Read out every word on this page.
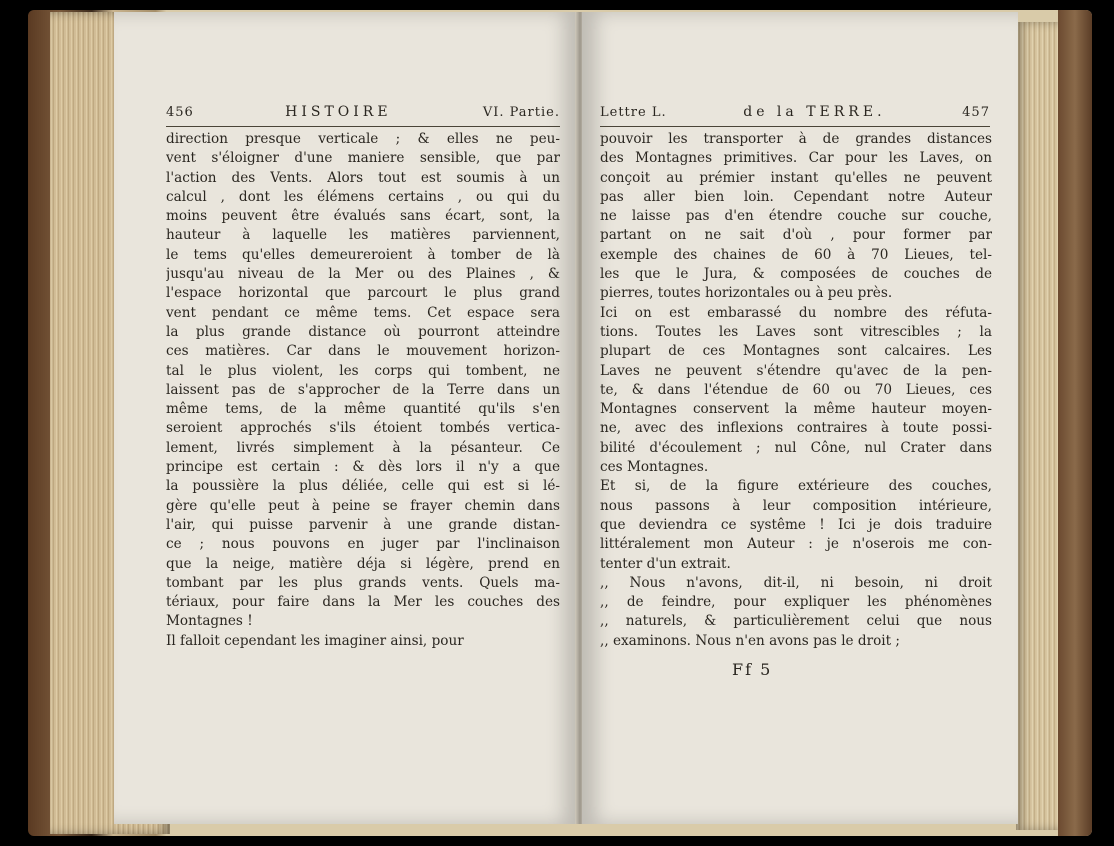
456	HISTOIRE	VI. Partie.
direction presque verticale ; & elles ne peu-
vent s'éloigner d'une maniere sensible, que par
l'action des Vents. Alors tout est soumis à un
calcul , dont les élémens certains , ou qui du
moins peuvent être évalués sans écart, sont, la
hauteur à laquelle les matières parviennent,
le tems qu'elles demeureroient à tomber de là
jusqu'au niveau de la Mer ou des Plaines , &
l'espace horizontal que parcourt le plus grand
vent pendant ce même tems. Cet espace sera
la plus grande distance où pourront atteindre
ces matières. Car dans le mouvement horizon-
tal le plus violent, les corps qui tombent, ne
laissent pas de s'approcher de la Terre dans un
même tems, de la même quantité qu'ils s'en
seroient approchés s'ils étoient tombés vertica-
lement, livrés simplement à la pésanteur. Ce
principe est certain : & dès lors il n'y a que
la poussière la plus déliée, celle qui est si lé-
gère qu'elle peut à peine se frayer chemin dans
l'air, qui puisse parvenir à une grande distan-
ce ; nous pouvons en juger par l'inclinaison
que la neige, matière déja si légère, prend en
tombant par les plus grands vents. Quels ma-
tériaux, pour faire dans la Mer les couches des
Montagnes !
Il falloit cependant les imaginer ainsi, pour
Lettre L.	de la TERRE.	457
pouvoir les transporter à de grandes distances
des Montagnes primitives. Car pour les Laves, on
conçoit au prémier instant qu'elles ne peuvent
pas aller bien loin. Cependant notre Auteur
ne laisse pas d'en étendre couche sur couche,
partant on ne sait d'où , pour former par
exemple des chaines de 60 à 70 Lieues, tel-
les que le Jura, & composées de couches de
pierres, toutes horizontales ou à peu près.
Ici on est embarassé du nombre des réfuta-
tions. Toutes les Laves sont vitrescibles ; la
plupart de ces Montagnes sont calcaires. Les
Laves ne peuvent s'étendre qu'avec de la pen-
te, & dans l'étendue de 60 ou 70 Lieues, ces
Montagnes conservent la même hauteur moyen-
ne, avec des inflexions contraires à toute possi-
bilité d'écoulement ; nul Cône, nul Crater dans
ces Montagnes.
Et si, de la figure extérieure des couches,
nous passons à leur composition intérieure,
que deviendra ce systême ! Ici je dois traduire
littéralement mon Auteur : je n'oserois me con-
tenter d'un extrait.
,, Nous n'avons, dit-il, ni besoin, ni droit
,, de feindre, pour expliquer les phénomènes
,, naturels, & particulièrement celui que nous
,, examinons. Nous n'en avons pas le droit ;
Ff 5
